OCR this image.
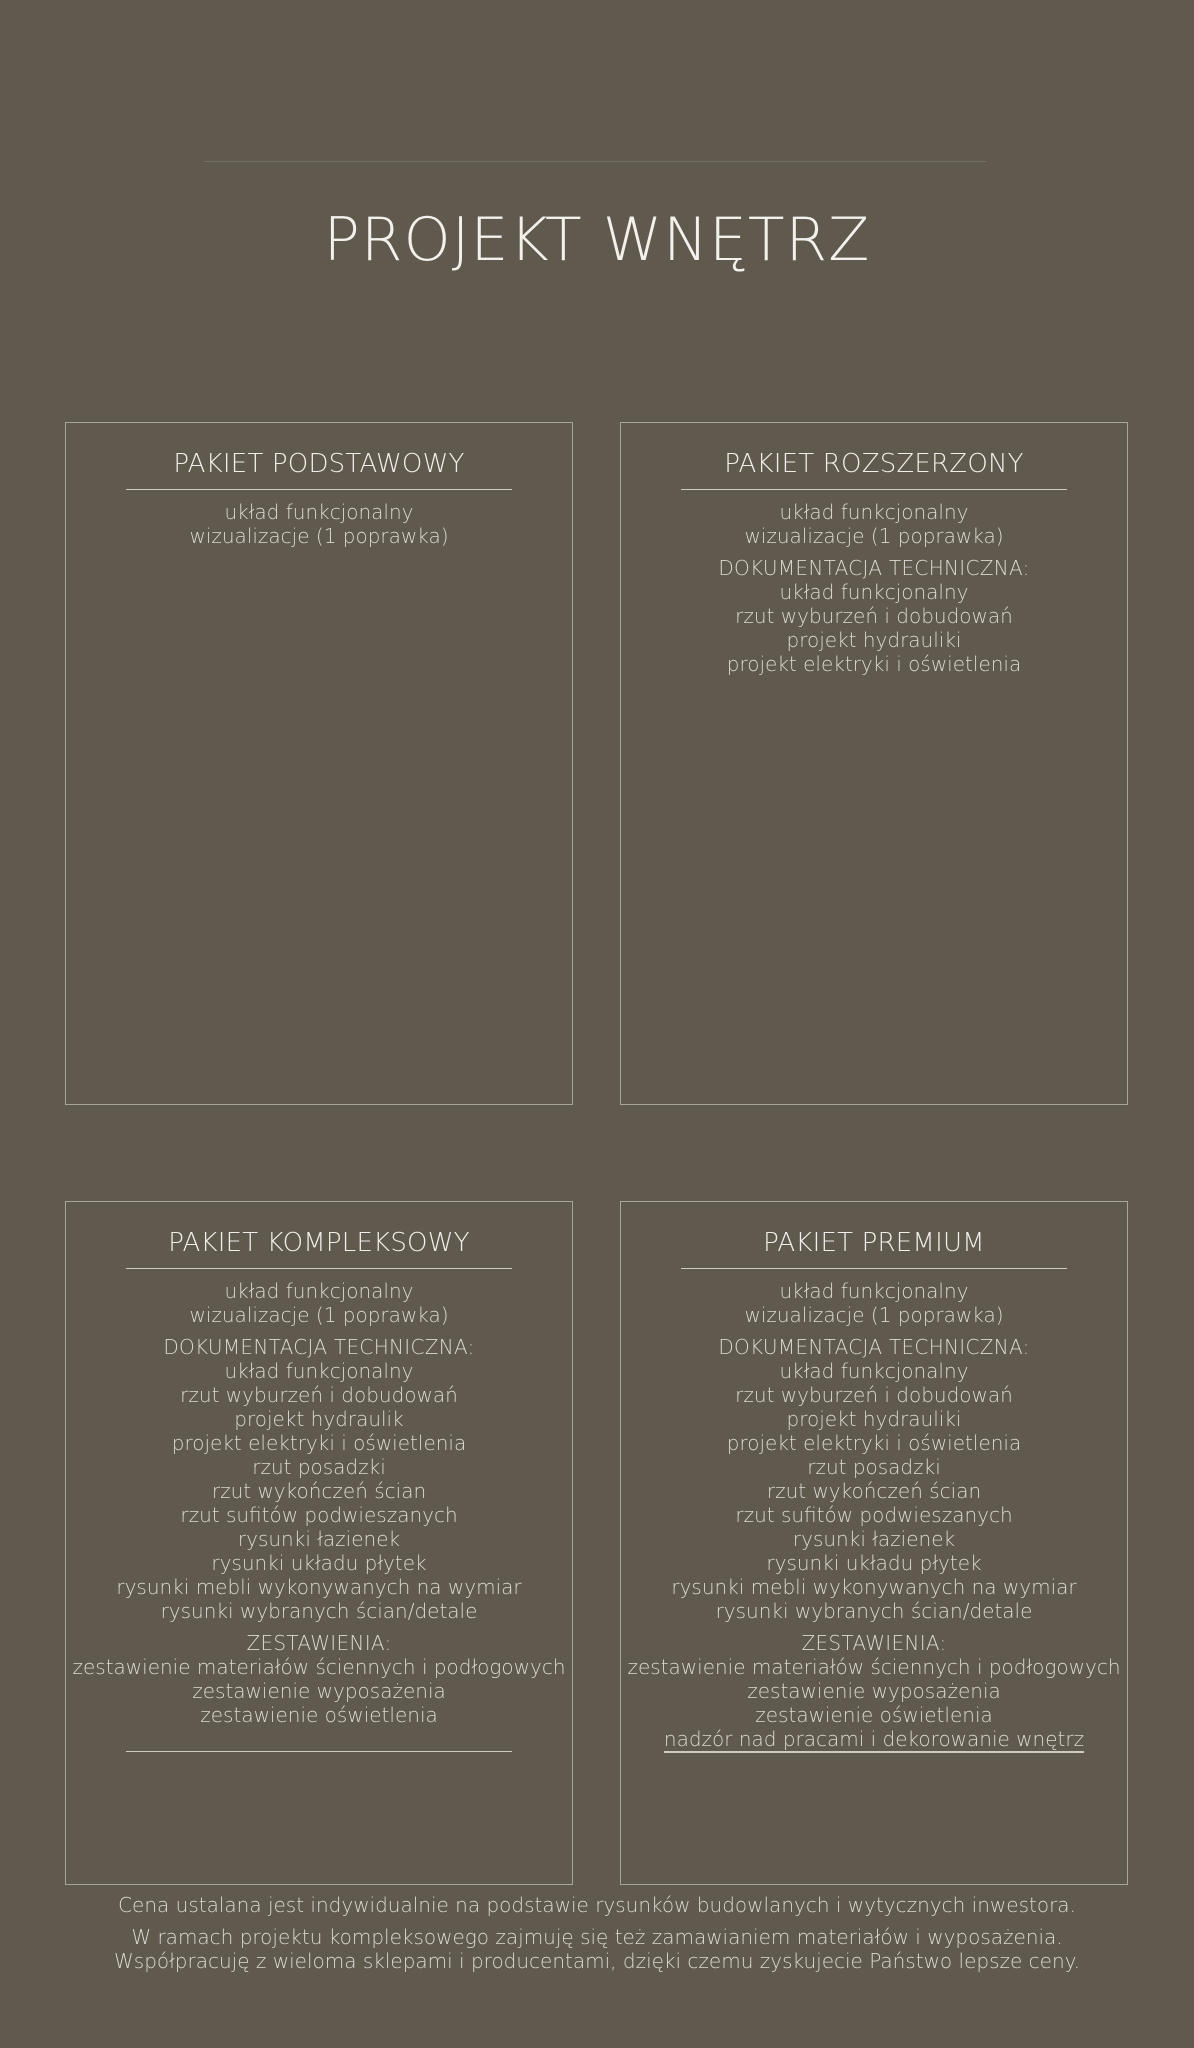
PROJEKT WNĘTRZ
PAKIET PODSTAWOWY
układ funkcjonalny
wizualizacje (1 poprawka)
PAKIET ROZSZERZONY
układ funkcjonalny
wizualizacje (1 poprawka)
DOKUMENTACJA TECHNICZNA:
układ funkcjonalny
rzut wyburzeń i dobudowań
projekt hydrauliki
projekt elektryki i oświetlenia
PAKIET KOMPLEKSOWY
układ funkcjonalny
wizualizacje (1 poprawka)
DOKUMENTACJA TECHNICZNA:
układ funkcjonalny
rzut wyburzeń i dobudowań
projekt hydraulik
projekt elektryki i oświetlenia
rzut posadzki
rzut wykończeń ścian
rzut sufitów podwieszanych
rysunki łazienek
rysunki układu płytek
rysunki mebli wykonywanych na wymiar
rysunki wybranych ścian/detale
ZESTAWIENIA:
zestawienie materiałów ściennych i podłogowych
zestawienie wyposażenia
zestawienie oświetlenia
PAKIET PREMIUM
układ funkcjonalny
wizualizacje (1 poprawka)
DOKUMENTACJA TECHNICZNA:
układ funkcjonalny
rzut wyburzeń i dobudowań
projekt hydrauliki
projekt elektryki i oświetlenia
rzut posadzki
rzut wykończeń ścian
rzut sufitów podwieszanych
rysunki łazienek
rysunki układu płytek
rysunki mebli wykonywanych na wymiar
rysunki wybranych ścian/detale
ZESTAWIENIA:
zestawienie materiałów ściennych i podłogowych
zestawienie wyposażenia
zestawienie oświetlenia
nadzór nad pracami i dekorowanie wnętrz

Cena ustalana jest indywidualnie na podstawie rysunków budowlanych i wytycznych inwestora.

W ramach projektu kompleksowego zajmuję się też zamawianiem materiałów i wyposażenia.
Współpracuję z wieloma sklepami i producentami, dzięki czemu zyskujecie Państwo lepsze ceny.
